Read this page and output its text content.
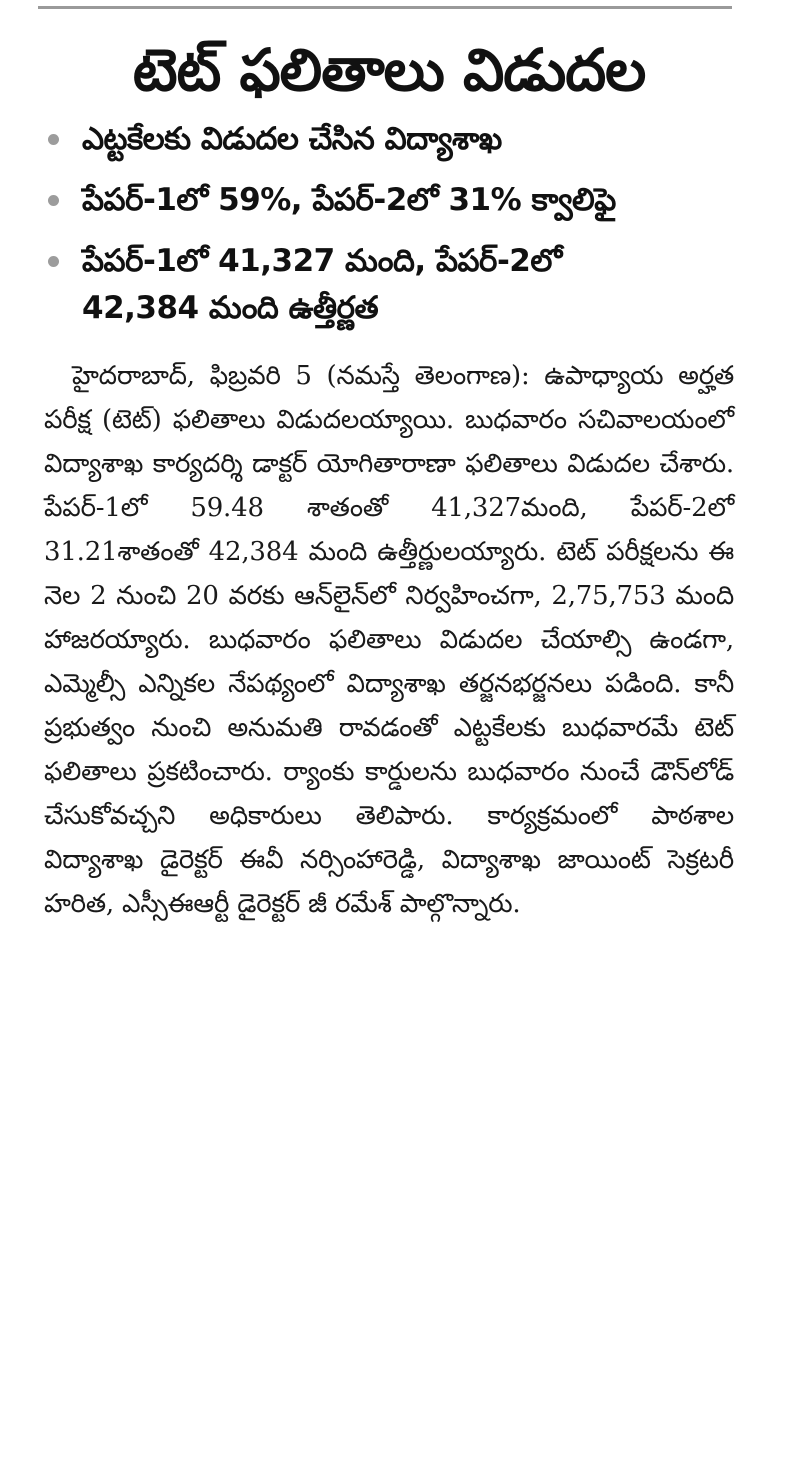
టెట్ ఫలితాలు విడుదల
ఎట్టకేలకు విడుదల చేసిన విద్యాశాఖ
పేపర్-1లో 59%, పేపర్-2లో 31% క్వాలిఫై
పేపర్-1లో 41,327 మంది, పేపర్-2లో 42,384 మంది ఉత్తీర్ణత

హైదరాబాద్, ఫిబ్రవరి 5 (నమస్తే తెలంగాణ): ఉపాధ్యాయ అర్హత పరీక్ష (టెట్) ఫలితాలు విడుదలయ్యాయి. బుధవారం సచివాలయంలో విద్యాశాఖ కార్యదర్శి డాక్టర్ యోగితారాణా ఫలితాలు విడుదల చేశారు. పేపర్-1లో 59.48 శాతంతో 41,327మంది, పేపర్-2లో 31.21శాతంతో 42,384 మంది ఉత్తీర్ణులయ్యారు. టెట్ పరీక్షలను ఈ నెల 2 నుంచి 20 వరకు ఆన్‌లైన్‌లో నిర్వహించగా, 2,75,753 మంది హాజరయ్యారు. బుధవారం ఫలితాలు విడుదల చేయాల్సి ఉండగా, ఎమ్మెల్సీ ఎన్నికల నేపథ్యంలో విద్యాశాఖ తర్జనభర్జనలు పడింది. కానీ ప్రభుత్వం నుంచి అనుమతి రావడంతో ఎట్టకేలకు బుధవారమే టెట్ ఫలితాలు ప్రకటించారు. ర్యాంకు కార్డులను బుధవారం నుంచే డౌన్‌లోడ్ చేసుకోవచ్చని అధికారులు తెలిపారు. కార్యక్రమంలో పాఠశాల విద్యాశాఖ డైరెక్టర్ ఈవీ నర్సింహారెడ్డి, విద్యాశాఖ జాయింట్ సెక్రటరీ హరిత, ఎస్సీఈఆర్టీ డైరెక్టర్ జీ రమేశ్ పాల్గొన్నారు.
